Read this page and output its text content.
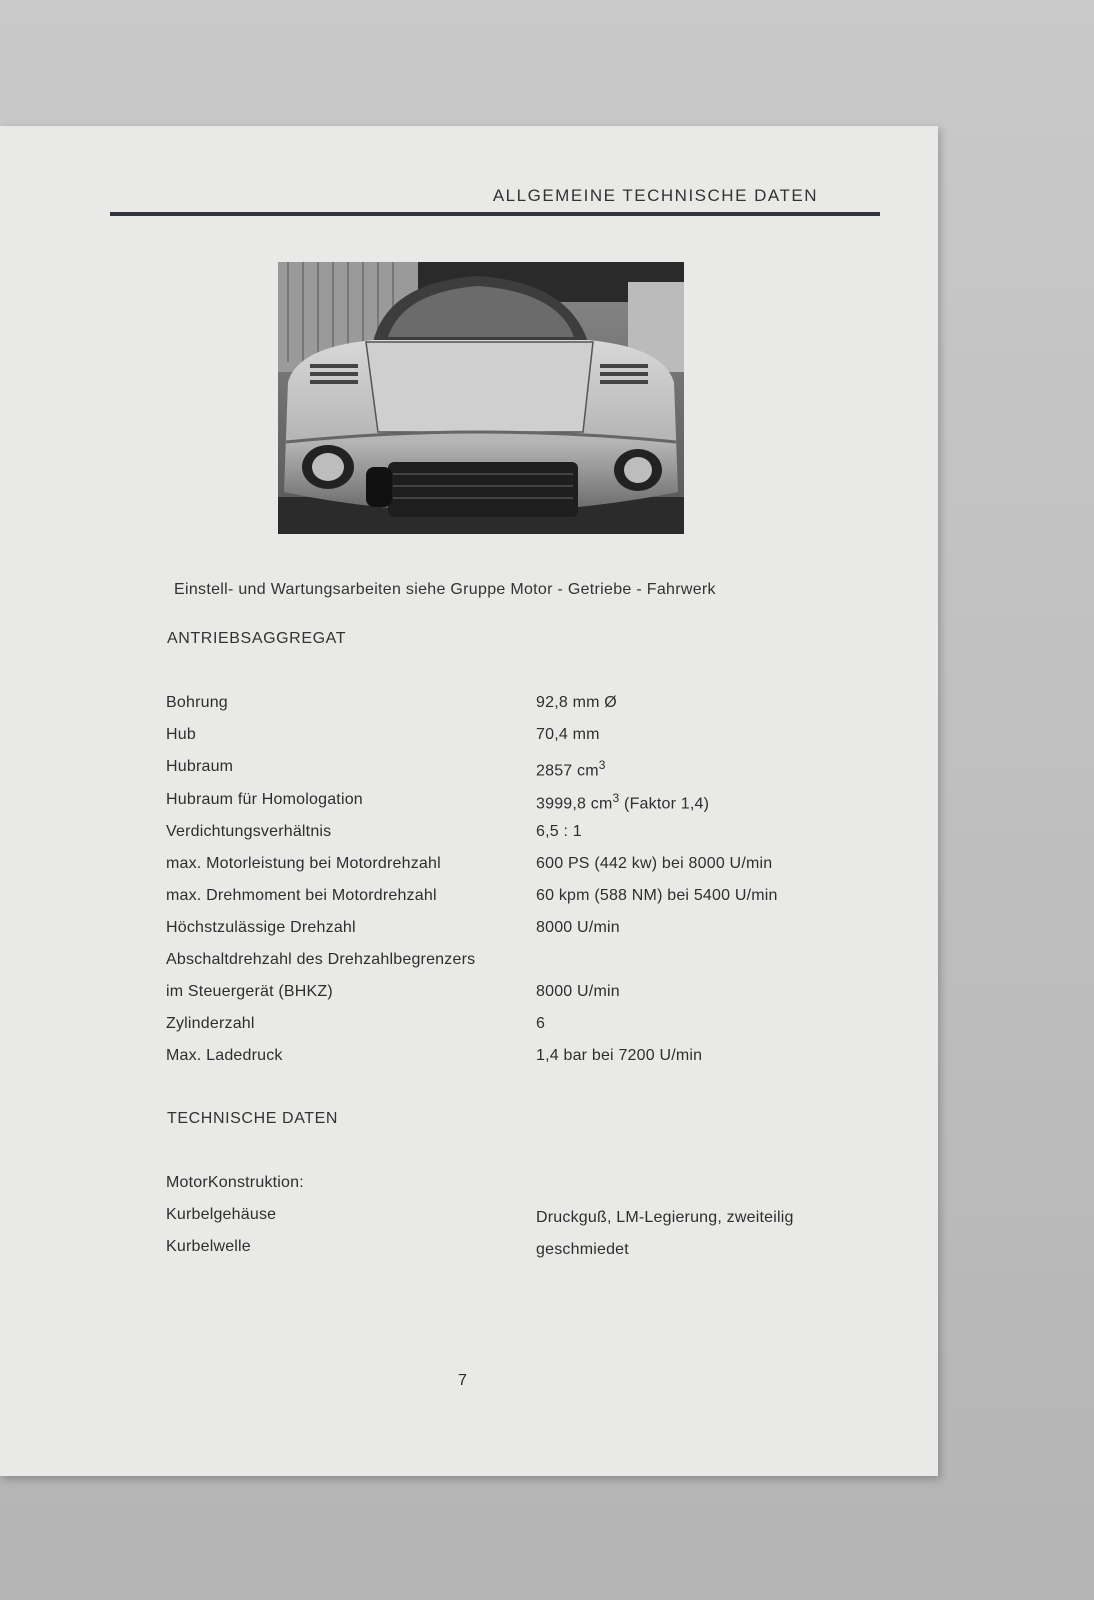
ALLGEMEINE TECHNISCHE DATEN
Einstell- und Wartungsarbeiten siehe Gruppe Motor - Getriebe - Fahrwerk
ANTRIEBSAGGREGAT
Bohrung	92,8 mm Ø
Hub	70,4 mm
Hubraum	2857 $cm^3$
Hubraum für Homologation	3999,8 $cm^3$ (Faktor 1,4)
Verdichtungsverhältnis	6,5 : 1
max. Motorleistung bei Motordrehzahl	600 PS (442 kw) bei 8000 U/min
max. Drehmoment bei Motordrehzahl	60 kpm (588 NM) bei 5400 U/min
Höchstzulässige Drehzahl	8000 U/min
Abschaltdrehzahl des Drehzahlbegrenzers
im Steuergerät (BHKZ)	8000 U/min
Zylinderzahl	6
Max. Ladedruck	1,4 bar bei 7200 U/min
TECHNISCHE DATEN
MotorKonstruktion:
Kurbelgehäuse	Druckguß, LM-Legierung, zweiteilig
Kurbelwelle	geschmiedet
7
